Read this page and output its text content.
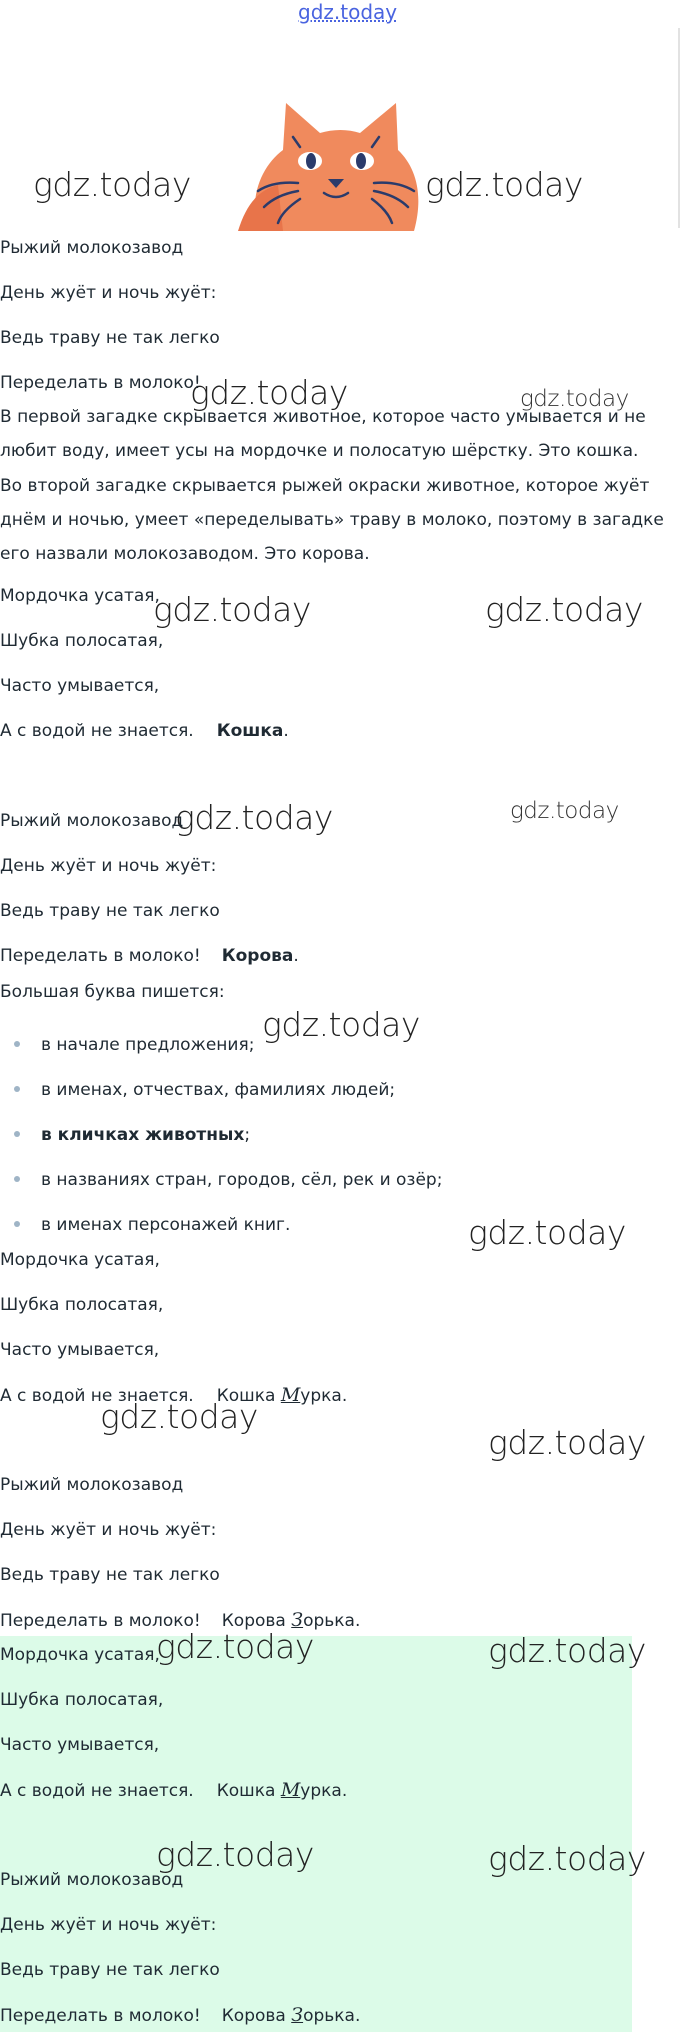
gdz.today
gdz.today	gdz.today
gdz.today	gdz.today
gdz.today	gdz.today
gdz.today	gdz.today
gdz.today
gdz.today
gdz.today
gdz.today
Рыжий молокозавод
День жуёт и ночь жуёт:
Ведь траву не так легко
Переделать в молоко!
В первой загадке скрывается животное, которое часто умывается и не любит воду, имеет усы на мордочке и полосатую шёрстку. Это кошка.
Во второй загадке скрывается рыжей окраски животное, которое жуёт днём и ночью, умеет «переделывать» траву в молоко, поэтому в загадке его назвали молокозаводом. Это корова.
Мордочка усатая,
Шубка полосатая,
Часто умывается,
А с водой не знается. Кошка.
Рыжий молокозавод
День жуёт и ночь жуёт:
Ведь траву не так легко
Переделать в молоко! Корова.
Большая буква пишется:
в начале предложения;
в именах, отчествах, фамилиях людей;
в кличках животных;
в названиях стран, городов, сёл, рек и озёр;
в именах персонажей книг.
Мордочка усатая,
Шубка полосатая,
Часто умывается,
А с водой не знается. Кошка Мурка.
Рыжий молокозавод
День жуёт и ночь жуёт:
Ведь траву не так легко
Переделать в молоко! Корова Зорька.
gdz.today	gdz.today
Мордочка усатая,
Шубка полосатая,
Часто умывается,
А с водой не знается. Кошка Мурка.
gdz.today	gdz.today
Рыжий молокозавод
День жуёт и ночь жуёт:
Ведь траву не так легко
Переделать в молоко! Корова Зорька.
